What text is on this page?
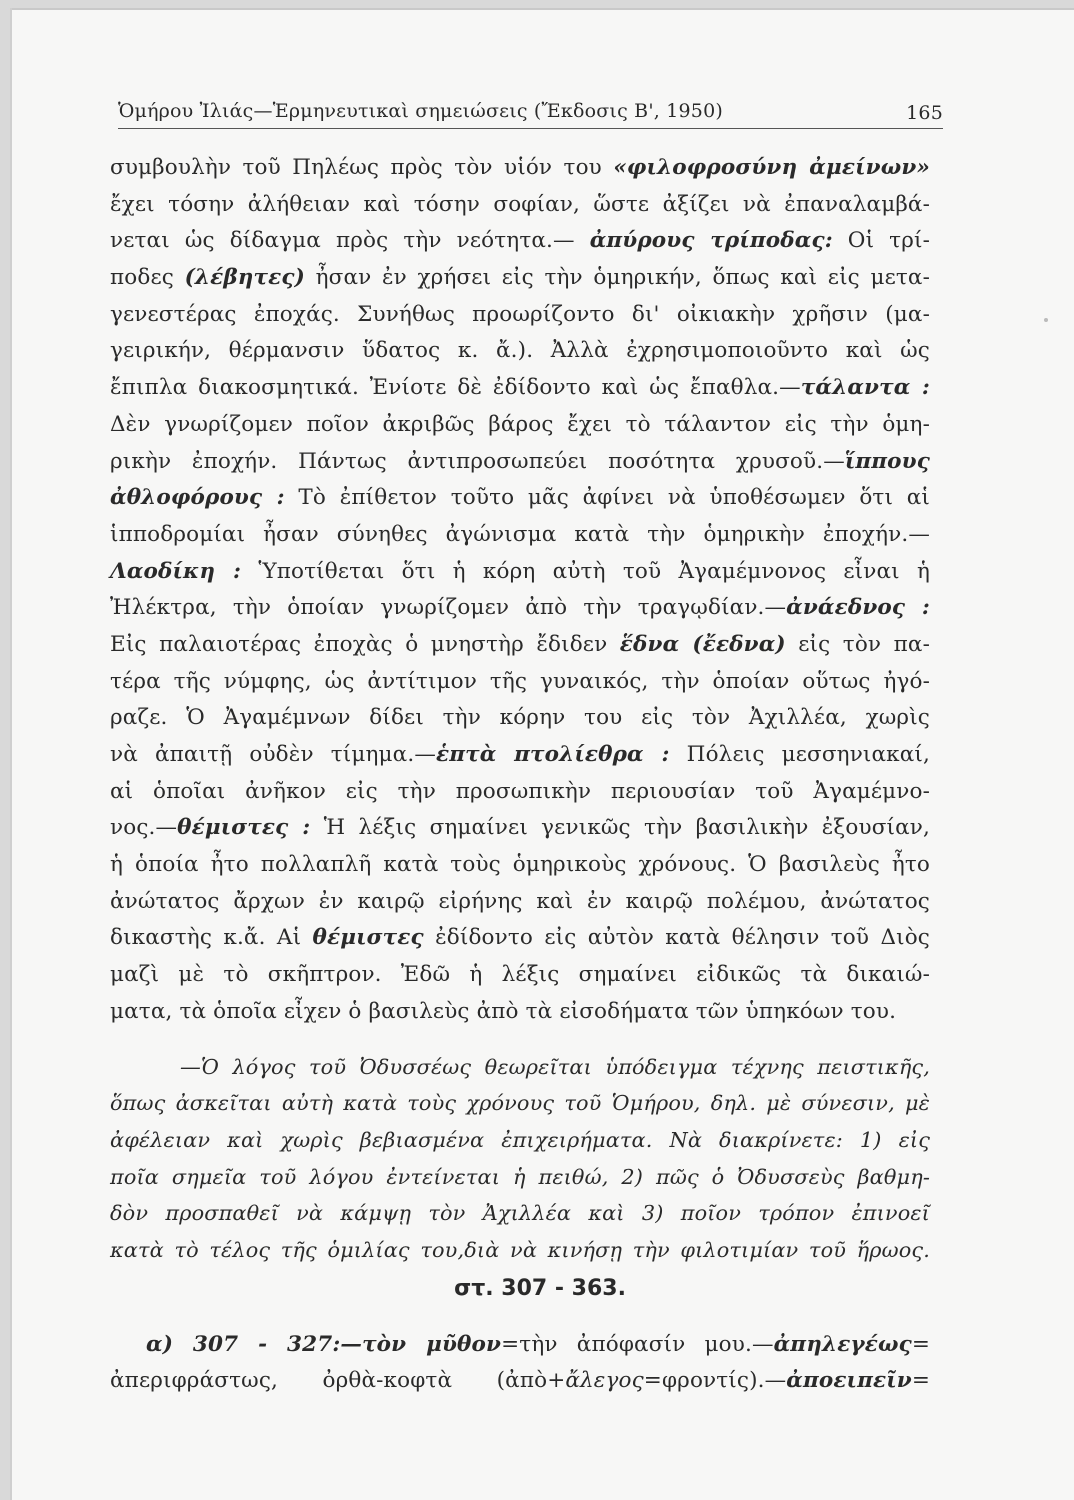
Ὁμήρου Ἰλιάς—Ἑρμηνευτικαὶ σημειώσεις (Ἔκδοσις Β', 1950)	165
συμβουλὴν τοῦ Πηλέως πρὸς τὸν υἱόν του «φιλοφροσύνη ἀμείνων»
ἔχει τόσην ἀλήθειαν καὶ τόσην σοφίαν, ὥστε ἀξίζει νὰ ἐπαναλαμβά-
νεται ὡς δίδαγμα πρὸς τὴν νεότητα.— ἀπύρους τρίποδας: Οἱ τρί-
ποδες (λέβητες) ἦσαν ἐν χρήσει εἰς τὴν ὁμηρικήν, ὅπως καὶ εἰς μετα-
γενεστέρας ἐποχάς. Συνήθως προωρίζοντο δι' οἰκιακὴν χρῆσιν (μα-
γειρικήν, θέρμανσιν ὕδατος κ. ἄ.). Ἀλλὰ ἐχρησιμοποιοῦντο καὶ ὡς
ἔπιπλα διακοσμητικά. Ἐνίοτε δὲ ἐδίδοντο καὶ ὡς ἔπαθλα.—τάλαντα :
Δὲν γνωρίζομεν ποῖον ἀκριβῶς βάρος ἔχει τὸ τάλαντον εἰς τὴν ὁμη-
ρικὴν ἐποχήν. Πάντως ἀντιπροσωπεύει ποσότητα χρυσοῦ.—ἵππους
ἀθλοφόρους : Τὸ ἐπίθετον τοῦτο μᾶς ἀφίνει νὰ ὑποθέσωμεν ὅτι αἱ
ἱπποδρομίαι ἦσαν σύνηθες ἀγώνισμα κατὰ τὴν ὁμηρικὴν ἐποχήν.—
Λαοδίκη : Ὑποτίθεται ὅτι ἡ κόρη αὐτὴ τοῦ Ἀγαμέμνονος εἶναι ἡ
Ἠλέκτρα, τὴν ὁποίαν γνωρίζομεν ἀπὸ τὴν τραγῳδίαν.—ἀνάεδνος :
Εἰς παλαιοτέρας ἐποχὰς ὁ μνηστὴρ ἔδιδεν ἕδνα (ἔεδνα) εἰς τὸν πα-
τέρα τῆς νύμφης, ὡς ἀντίτιμον τῆς γυναικός, τὴν ὁποίαν οὕτως ἠγό-
ραζε. Ὁ Ἀγαμέμνων δίδει τὴν κόρην του εἰς τὸν Ἀχιλλέα, χωρὶς
νὰ ἀπαιτῇ οὐδὲν τίμημα.—ἑπτὰ πτολίεθρα : Πόλεις μεσσηνιακαί,
αἱ ὁποῖαι ἀνῆκον εἰς τὴν προσωπικὴν περιουσίαν τοῦ Ἀγαμέμνο-
νος.—θέμιστες : Ἡ λέξις σημαίνει γενικῶς τὴν βασιλικὴν ἐξουσίαν,
ἡ ὁποία ἦτο πολλαπλῆ κατὰ τοὺς ὁμηρικοὺς χρόνους. Ὁ βασιλεὺς ἦτο
ἀνώτατος ἄρχων ἐν καιρῷ εἰρήνης καὶ ἐν καιρῷ πολέμου, ἀνώτατος
δικαστὴς κ.ἄ. Αἱ θέμιστες ἐδίδοντο εἰς αὐτὸν κατὰ θέλησιν τοῦ Διὸς
μαζὶ μὲ τὸ σκῆπτρον. Ἐδῶ ἡ λέξις σημαίνει εἰδικῶς τὰ δικαιώ-
ματα, τὰ ὁποῖα εἶχεν ὁ βασιλεὺς ἀπὸ τὰ εἰσοδήματα τῶν ὑπηκόων του.
—Ὁ λόγος τοῦ Ὀδυσσέως θεωρεῖται ὑπόδειγμα τέχνης πειστικῆς,
ὅπως ἀσκεῖται αὐτὴ κατὰ τοὺς χρόνους τοῦ Ὁμήρου, δηλ. μὲ σύνεσιν, μὲ
ἀφέλειαν καὶ χωρὶς βεβιασμένα ἐπιχειρήματα. Νὰ διακρίνετε: 1) εἰς
ποῖα σημεῖα τοῦ λόγου ἐντείνεται ἡ πειθώ, 2) πῶς ὁ Ὀδυσσεὺς βαθμη-
δὸν προσπαθεῖ νὰ κάμψῃ τὸν Ἀχιλλέα καὶ 3) ποῖον τρόπον ἐπινοεῖ
κατὰ τὸ τέλος τῆς ὁμιλίας του,διὰ νὰ κινήσῃ τὴν φιλοτιμίαν τοῦ ἥρωος.
στ. 307 - 363.
α) 307 - 327:—τὸν μῦθον=τὴν ἀπόφασίν μου.—ἀπηλεγέως=
ἀπεριφράστως, ὀρθὰ-κοφτὰ (ἀπὸ+ἄλεγος=φροντίς).—ἀποειπεῖν=
